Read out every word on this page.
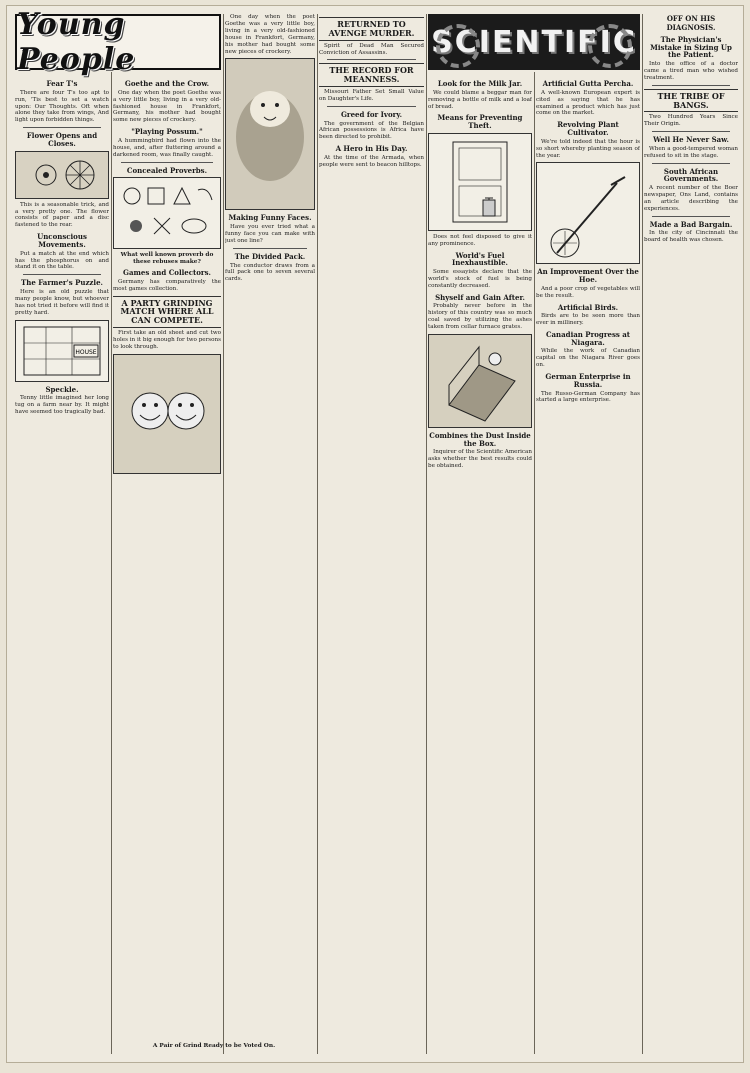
Young People	SCIENTIFIC
Fear T's

There are four T's too apt to run, 'Tis best to set a watch upon: Our Thoughts. Oft when alone they take from wings, And light upon forbidden things.

Flower Opens and Closes.

This is a seasonable trick, and a very pretty one. The flower consists of paper and a disc fastened to the rear.

Unconscious Movements.

Put a match at the end which has the phosphorus on and stand it on the table.

The Farmer's Puzzle.

Here is an old puzzle that many people know, but whoever has not tried it before will find it pretty hard.

HOUSE
Speckle.

Tenny little imagined her long tug on a farm near by. It might have seemed too tragically bad.

Goethe and the Crow.

One day when the poet Goethe was a very little boy, living in a very old-fashioned house in Frankfort, Germany, his mother had bought some new pieces of crockery.

"Playing Possum."

A hummingbird had flown into the house, and, after fluttering around a darkened room, was finally caught.

Concealed Proverbs.
What well known proverb do these rebuses make?
Games and Collectors.

Germany has comparatively the most games collection.

A PARTY GRINDING MATCH WHERE ALL CAN COMPETE.

First take an old sheet and cut two holes in it big enough for two persons to look through.

One day when the poet Goethe was a very little boy, living in a very old-fashioned house in Frankfort, Germany, his mother had bought some new pieces of crockery.

Making Funny Faces.

Have you ever tried what a funny face you can make with just one line?

The Divided Pack.

The conductor draws from a full pack one to seven several cards.

RETURNED TO AVENGE MURDER.

Spirit of Dead Man Secured Conviction of Assassins.

THE RECORD FOR MEANNESS.

Missouri Father Set Small Value on Daughter's Life.

Greed for Ivory.

The government of the Belgian African possessions is Africa have been directed to prohibit.

A Hero in His Day.

At the time of the Armada, when people were sent to beacon hilltops.

Look for the Milk Jar.

We could blame a beggar man for removing a bottle of milk and a loaf of bread.

Means for Preventing Theft.

Does not feel disposed to give it any prominence.

World's Fuel Inexhaustible.

Some essayists declare that the world's stock of fuel is being constantly decreased.

Shyself and Gain After.

Probably never before in the history of this country was so much coal saved by utilizing the ashes taken from cellar furnace grates.

Combines the Dust Inside the Box.

Inquirer of the Scientific American asks whether the best results could be obtained.

Artificial Gutta Percha.

A well-known European expert is cited as saying that he has examined a product which has just come on the market.

Revolving Plant Cultivator.

We're told indeed that the hour is so short whereby planting season of the year.

An Improvement Over the Hoe.

And a poor crop of vegetables will be the result.

Artificial Birds.

Birds are to be seen more than ever in millinery.

Canadian Progress at Niagara.

While the work of Canadian capital on the Niagara River goes on.

German Enterprise in Russia.

The Russo-German Company has started a large enterprise.

OFF ON HIS DIAGNOSIS.
The Physician's Mistake in Sizing Up the Patient.

Into the office of a doctor came a tired man who wished treatment.

THE TRIBE OF BANGS.

Two Hundred Years Since Their Origin.

Well He Never Saw.

When a good-tempered woman refused to sit in the stage.

South African Governments.

A recent number of the Boer newspaper, Ons Land, contains an article describing the experiences.

Made a Bad Bargain.

In the city of Cincinnati the board of health was chosen.

A Pair of Grind Ready to be Voted On.
